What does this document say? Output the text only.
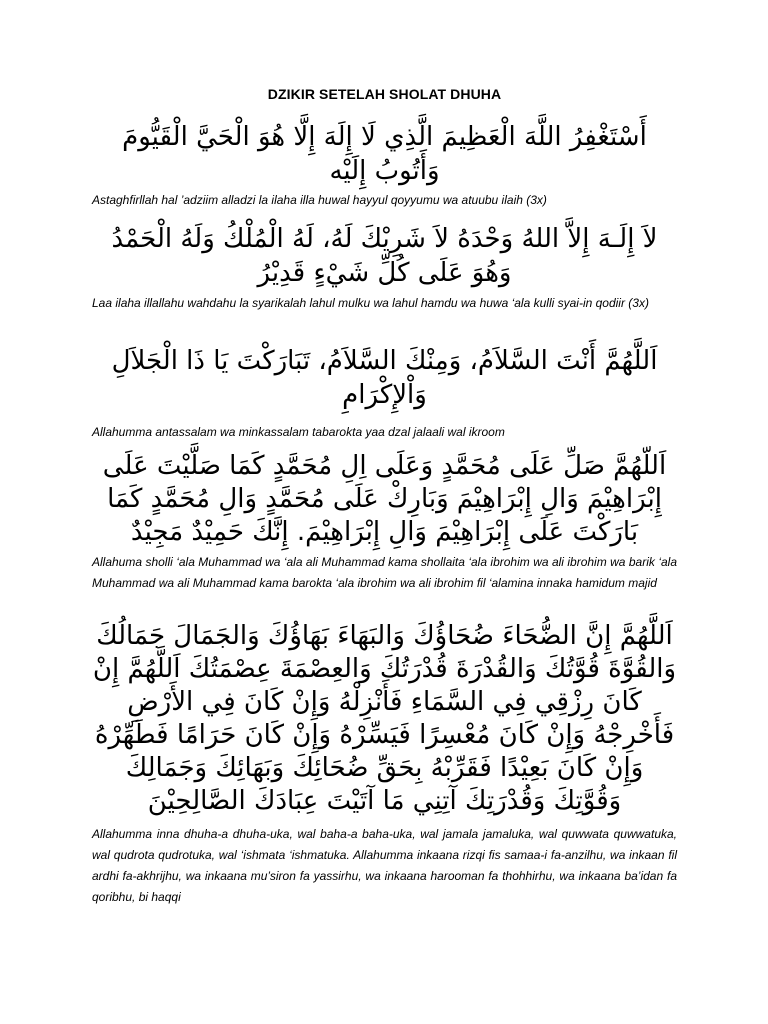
DZIKIR SETELAH SHOLAT DHUHA
أَسْتَغْفِرُ اللَّهَ الْعَظِيمَ الَّذِي لَا إِلَهَ إِلَّا هُوَ الْحَيَّ الْقَيُّومَ وَأَتُوبُ إِلَيْه
Astaghfirllah hal ’adziim alladzi la ilaha illa huwal hayyul qoyyumu wa atuubu ilaih (3x)
لاَ إِلَـهَ إِلاَّ اللهُ وَحْدَهُ لاَ شَرِيْكَ لَهُ، لَهُ الْمُلْكُ وَلَهُ الْحَمْدُ وَهُوَ عَلَى كُلِّ شَيْءٍ قَدِيْرُ
Laa ilaha illallahu wahdahu la syarikalah lahul mulku wa lahul hamdu wa huwa ‘ala kulli syai-in qodiir (3x)
اَللَّهُمَّ أَنْتَ السَّلاَمُ، وَمِنْكَ السَّلاَمُ، تَبَارَكْتَ يَا ذَا الْجَلاَلِ وَاْلإِكْرَامِ
Allahumma antassalam wa minkassalam tabarokta yaa dzal jalaali wal ikroom
اَللّهُمَّ صَلِّ عَلَى مُحَمَّدٍ وَعَلَى اِلِ مُحَمَّدٍ كَمَا صَلَّيْتَ عَلَى إِبْرَاهِيْمَ وَالِ إِبْرَاهِيْمَ وَبَارِكْ عَلَى مُحَمَّدٍ وَالِ مُحَمَّدٍ كَمَا بَارَكْتَ عَلَى إِبْرَاهِيْمَ وَالِ إِبْرَاهِيْمَ. إِنَّكَ حَمِيْدٌ مَجِيْدٌ
Allahuma sholli ‘ala Muhammad wa ‘ala ali Muhammad kama shollaita ‘ala ibrohim wa ali ibrohim wa barik ‘ala Muhammad wa ali Muhammad kama barokta ‘ala ibrohim wa ali ibrohim fil ‘alamina innaka hamidum majid
اَللَّهُمَّ إِنَّ الضُّحَاءَ ضُحَاؤُكَ وَالبَهَاءَ بَهَاؤُكَ وَالجَمَالَ جَمَالُكَ وَالقُوَّةَ قُوَّتُكَ وَالقُدْرَةَ قُدْرَتُكَ وَالعِصْمَةَ عِصْمَتُكَ اَللَّهُمَّ إِنْ كَانَ رِزْقِي فِي السَّمَاءِ فَأَنْزِلْهُ وَإِنْ كَانَ فِي الأَرْضِ فَأَخْرِجْهُ وَإِنْ كَانَ مُعْسِرًا فَيَسِّرْهُ وَإِنْ كَانَ حَرَامًا فَطَهِّرْهُ وَإِنْ كَانَ بَعِيْدًا فَقَرِّبْهُ بِحَقِّ ضُحَائِكَ وَبَهَائِكَ وَجَمَالِكَ وَقُوَّتِكَ وَقُدْرَتِكَ آتِنِي مَا آتَيْتَ عِبَادَكَ الصَّالِحِيْنَ
Allahumma inna dhuha-a dhuha-uka, wal baha-a baha-uka, wal jamala jamaluka, wal quwwata quwwatuka, wal qudrota qudrotuka, wal ‘ishmata ‘ishmatuka. Allahumma inkaana rizqi fis samaa-i fa-anzilhu, wa inkaan fil ardhi fa-akhrijhu, wa inkaana mu’siron fa yassirhu, wa inkaana harooman fa thohhirhu, wa inkaana ba’idan fa qoribhu, bi haqqi
